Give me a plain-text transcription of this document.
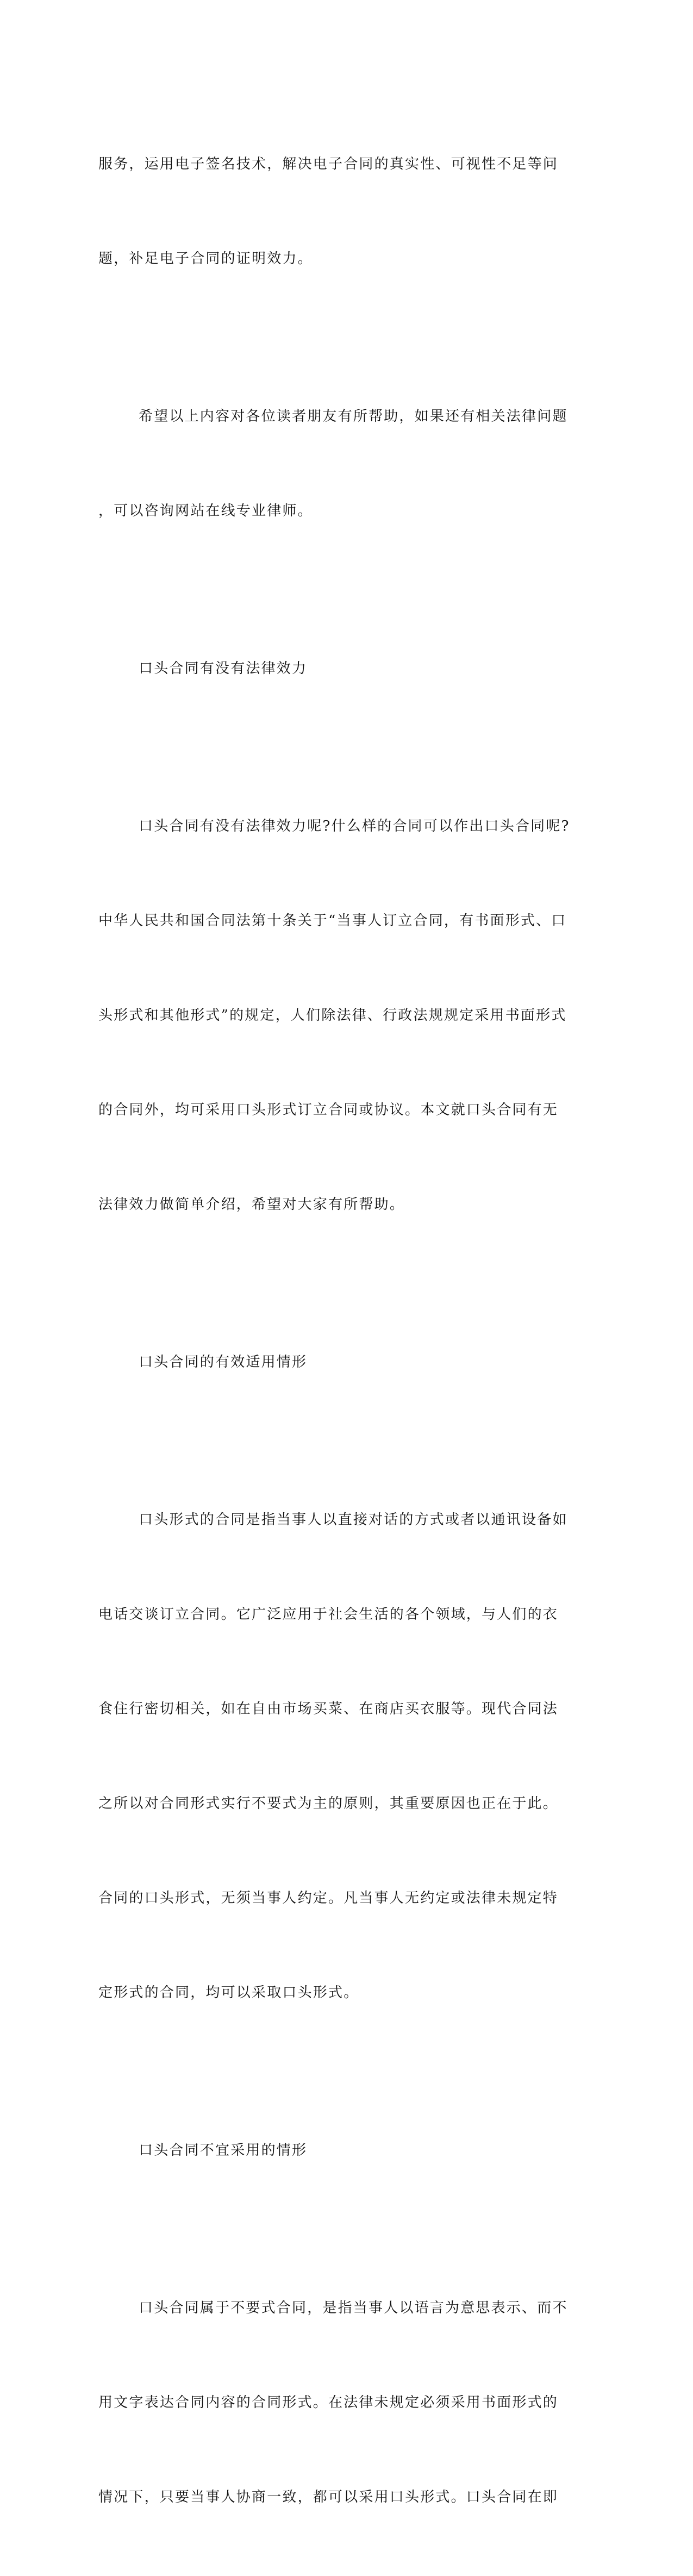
服务，运用电子签名技术，解决电子合同的真实性、可视性不足等问

题，补足电子合同的证明效力。

希望以上内容对各位读者朋友有所帮助，如果还有相关法律问题

，可以咨询网站在线专业律师。

口头合同有没有法律效力

口头合同有没有法律效力呢?什么样的合同可以作出口头合同呢?

中华人民共和国合同法第十条关于“当事人订立合同，有书面形式、口

头形式和其他形式”的规定，人们除法律、行政法规规定采用书面形式

的合同外，均可采用口头形式订立合同或协议。本文就口头合同有无

法律效力做简单介绍，希望对大家有所帮助。

口头合同的有效适用情形

口头形式的合同是指当事人以直接对话的方式或者以通讯设备如

电话交谈订立合同。它广泛应用于社会生活的各个领域，与人们的衣

食住行密切相关，如在自由市场买菜、在商店买衣服等。现代合同法

之所以对合同形式实行不要式为主的原则，其重要原因也正在于此。

合同的口头形式，无须当事人约定。凡当事人无约定或法律未规定特

定形式的合同，均可以采取口头形式。

口头合同不宜采用的情形

口头合同属于不要式合同，是指当事人以语言为意思表示、而不

用文字表达合同内容的合同形式。在法律未规定必须采用书面形式的

情况下，只要当事人协商一致，都可以采用口头形式。口头合同在即
